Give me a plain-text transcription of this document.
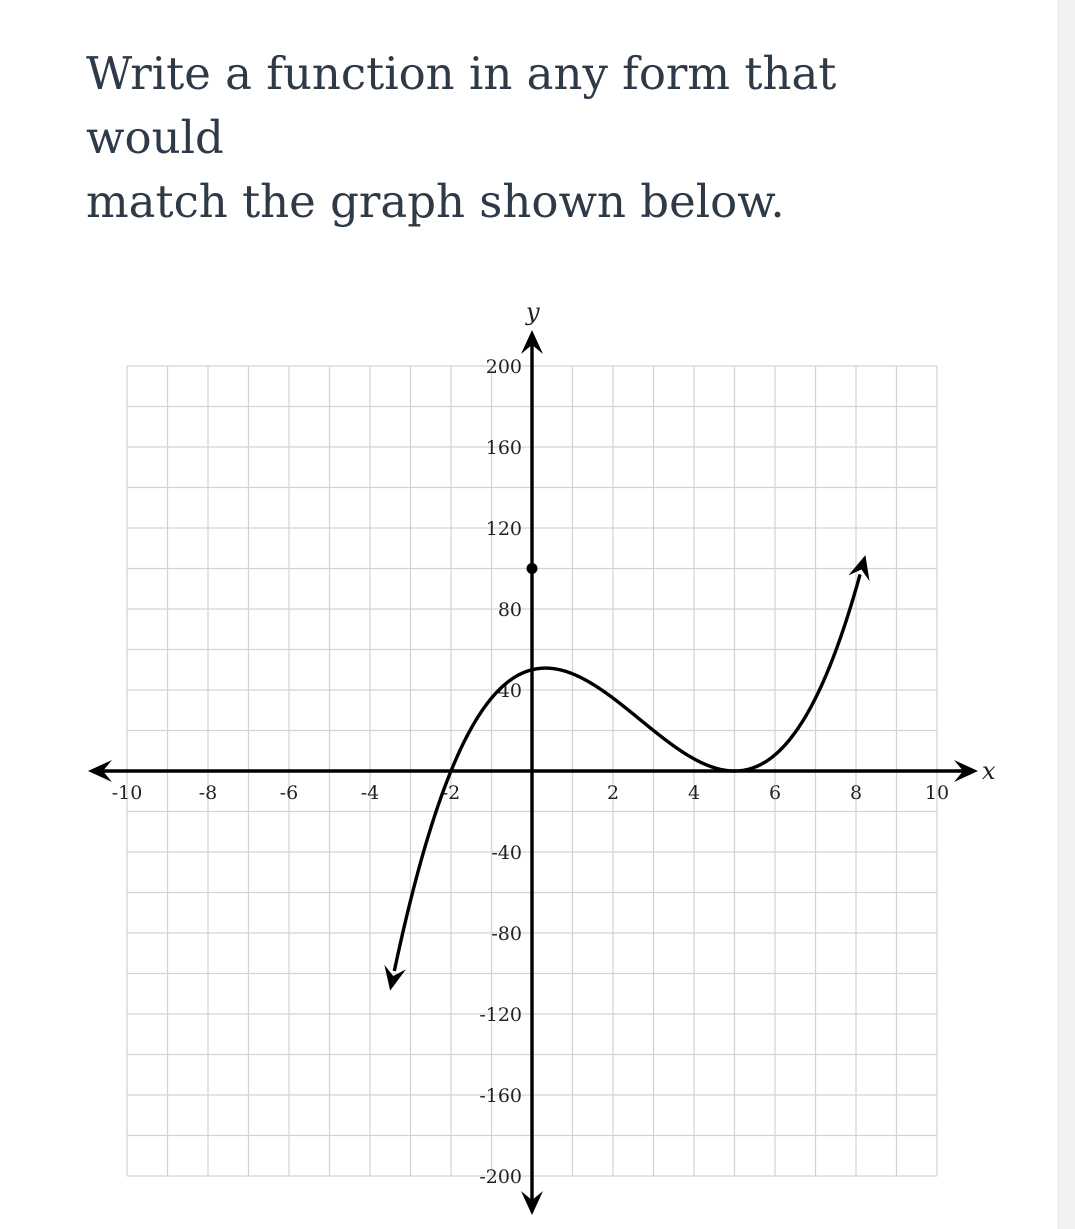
Write a function in any form that would
match the graph shown below.
x
y
-10	-8	-6	-4	-2	2	4	6	8	10
200
160
120
80
40
-40
-80
-120
-160
-200
